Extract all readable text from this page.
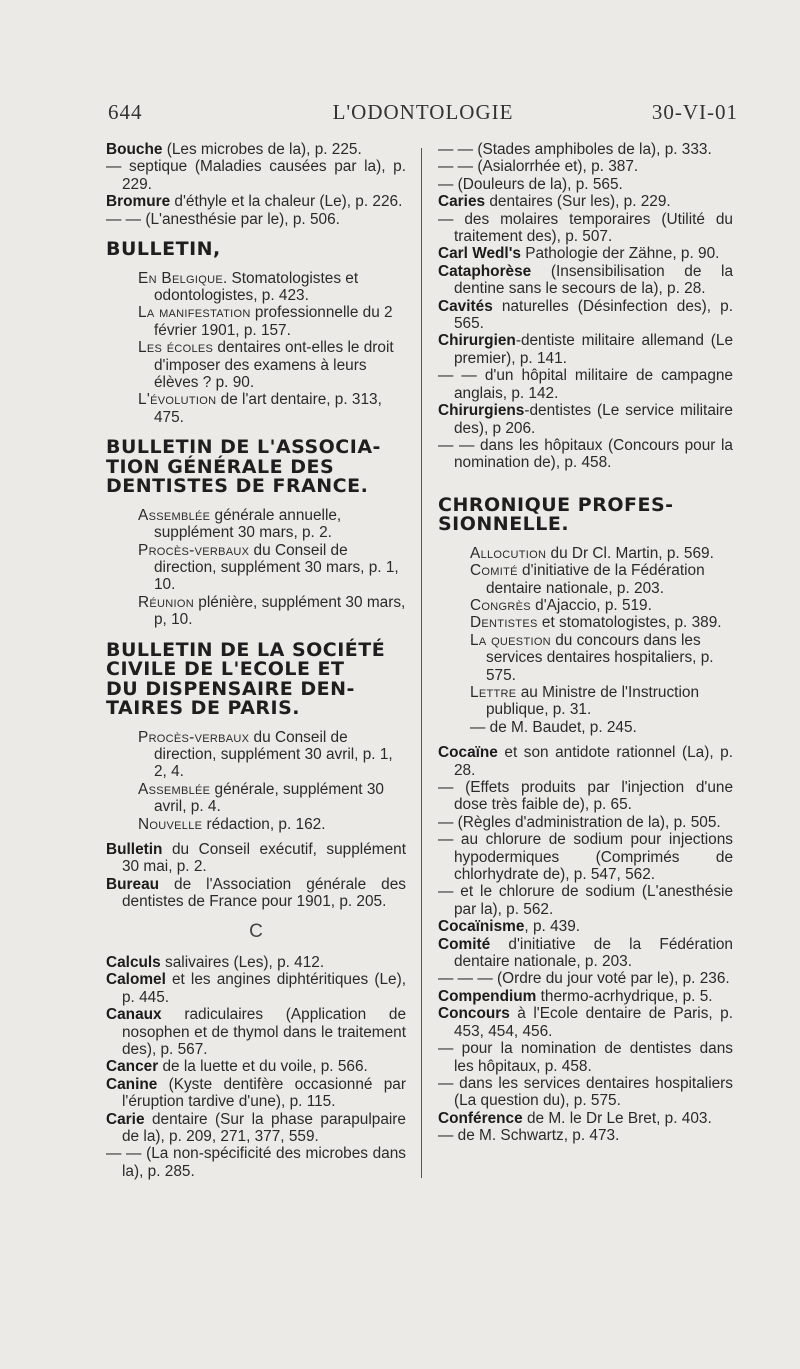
644	L'ODONTOLOGIE	30-VI-01

Bouche (Les microbes de la), p. 225.

— septique (Maladies causées par la), p. 229.

Bromure d'éthyle et la chaleur (Le), p. 226.

— — (L'anesthésie par le), p. 506.

BULLETIN,

En Belgique. Stomatologistes et odontologistes, p. 423.

La manifestation professionnelle du 2 février 1901, p. 157.

Les écoles dentaires ont-elles le droit d'imposer des examens à leurs élèves ? p. 90.

L'évolution de l'art dentaire, p. 313, 475.

BULLETIN DE L'ASSOCIA-
TION GÉNÉRALE DES
DENTISTES DE FRANCE.

Assemblée générale annuelle, supplément 30 mars, p. 2.

Procès-verbaux du Conseil de direction, supplément 30 mars, p. 1, 10.

Réunion plénière, supplément 30 mars, p, 10.

BULLETIN DE LA SOCIÉTÉ
CIVILE DE L'ECOLE ET
DU DISPENSAIRE DEN-
TAIRES DE PARIS.

Procès-verbaux du Conseil de direction, supplément 30 avril, p. 1, 2, 4.

Assemblée générale, supplément 30 avril, p. 4.

Nouvelle rédaction, p. 162.

Bulletin du Conseil exécutif, supplément 30 mai, p. 2.

Bureau de l'Association générale des dentistes de France pour 1901, p. 205.

C

Calculs salivaires (Les), p. 412.

Calomel et les angines diphtéritiques (Le), p. 445.

Canaux radiculaires (Application de nosophen et de thymol dans le traitement des), p. 567.

Cancer de la luette et du voile, p. 566.

Canine (Kyste dentifère occasionné par l'éruption tardive d'une), p. 115.

Carie dentaire (Sur la phase parapulpaire de la), p. 209, 271, 377, 559.

— — (La non-spécificité des microbes dans la), p. 285.

— — (Stades amphiboles de la), p. 333.

— — (Asialorrhée et), p. 387.

— (Douleurs de la), p. 565.

Caries dentaires (Sur les), p. 229.

— des molaires temporaires (Utilité du traitement des), p. 507.

Carl Wedl's Pathologie der Zähne, p. 90.

Cataphorèse (Insensibilisation de la dentine sans le secours de la), p. 28.

Cavités naturelles (Désinfection des), p. 565.

Chirurgien-dentiste militaire allemand (Le premier), p. 141.

— — d'un hôpital militaire de campagne anglais, p. 142.

Chirurgiens-dentistes (Le service militaire des), p 206.

— — dans les hôpitaux (Concours pour la nomination de), p. 458.

CHRONIQUE PROFES-
SIONNELLE.

Allocution du Dr Cl. Martin, p. 569.

Comité d'initiative de la Fédération dentaire nationale, p. 203.

Congrès d'Ajaccio, p. 519.

Dentistes et stomatologistes, p. 389.

La question du concours dans les services dentaires hospitaliers, p. 575.

Lettre au Ministre de l'Instruction publique, p. 31.

— de M. Baudet, p. 245.

Cocaïne et son antidote rationnel (La), p. 28.

— (Effets produits par l'injection d'une dose très faible de), p. 65.

— (Règles d'administration de la), p. 505.

— au chlorure de sodium pour injections hypodermiques (Comprimés de chlorhydrate de), p. 547, 562.

— et le chlorure de sodium (L'anesthésie par la), p. 562.

Cocaïnisme, p. 439.

Comité d'initiative de la Fédération dentaire nationale, p. 203.

— — — (Ordre du jour voté par le), p. 236.

Compendium thermo-acrhydrique, p. 5.

Concours à l'Ecole dentaire de Paris, p. 453, 454, 456.

— pour la nomination de dentistes dans les hôpitaux, p. 458.

— dans les services dentaires hospitaliers (La question du), p. 575.

Conférence de M. le Dr Le Bret, p. 403.

— de M. Schwartz, p. 473.
